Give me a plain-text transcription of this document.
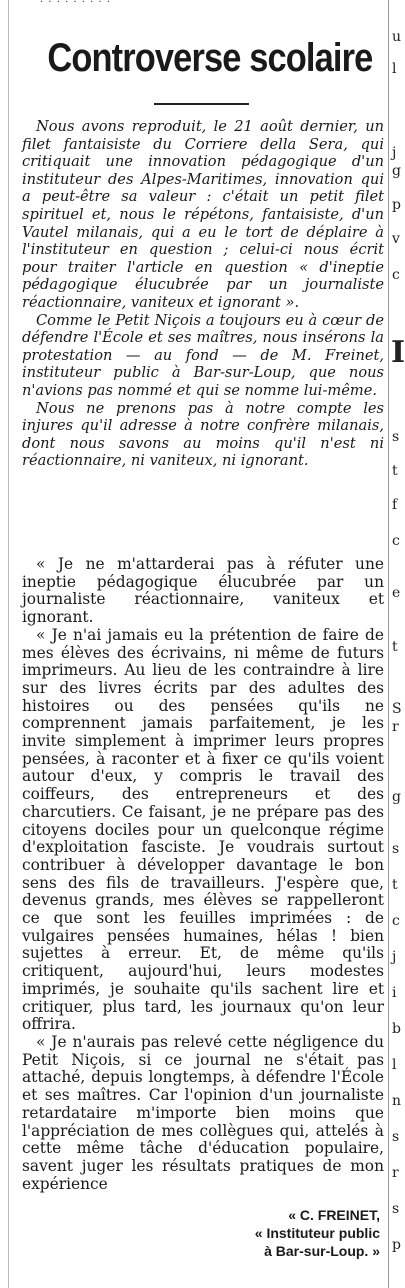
· · · · · · · · ·
Controverse scolaire

Nous avons reproduit, le 21 août dernier, un filet fantaisiste du Corriere della Sera, qui critiquait une innovation pédagogique d'un instituteur des Alpes-Maritimes, innovation qui a peut-être sa valeur : c'était un petit filet spirituel et, nous le répétons, fantaisiste, d'un Vautel milanais, qui a eu le tort de déplaire à l'instituteur en question ; celui-ci nous écrit pour traiter l'article en question « d'ineptie pédagogique élucubrée par un journaliste réactionnaire, vaniteux et ignorant ».

Comme le Petit Niçois a toujours eu à cœur de défendre l'École et ses maîtres, nous insérons la protestation — au fond — de M. Freinet, instituteur public à Bar-sur-Loup, que nous n'avions pas nommé et qui se nomme lui-même.

Nous ne prenons pas à notre compte les injures qu'il adresse à notre confrère milanais, dont nous savons au moins qu'il n'est ni réactionnaire, ni vaniteux, ni ignorant.

« Je ne m'attarderai pas à réfuter une ineptie pédagogique élucubrée par un journaliste réactionnaire, vaniteux et ignorant.

« Je n'ai jamais eu la prétention de faire de mes élèves des écrivains, ni même de futurs imprimeurs. Au lieu de les contraindre à lire sur des livres écrits par des adultes des histoires ou des pensées qu'ils ne comprennent jamais parfaitement, je les invite simplement à imprimer leurs propres pensées, à raconter et à fixer ce qu'ils voient autour d'eux, y compris le travail des coiffeurs, des entrepreneurs et des charcutiers. Ce faisant, je ne prépare pas des citoyens dociles pour un quelconque régime d'exploitation fasciste. Je voudrais surtout contribuer à développer davantage le bon sens des fils de travailleurs. J'espère que, devenus grands, mes élèves se rappelleront ce que sont les feuilles imprimées : de vulgaires pensées humaines, hélas ! bien sujettes à erreur. Et, de même qu'ils critiquent, aujourd'hui, leurs modestes imprimés, je souhaite qu'ils sachent lire et critiquer, plus tard, les journaux qu'on leur offrira.

« Je n'aurais pas relevé cette négligence du Petit Niçois, si ce journal ne s'était pas attaché, depuis longtemps, à défendre l'École et ses maîtres. Car l'opinion d'un journaliste retardataire m'importe bien moins que l'appréciation de mes collègues qui, attelés à cette même tâche d'éducation populaire, savent juger les résultats pratiques de mon expérience

« C. FREINET,
« Instituteur public
à Bar-sur-Loup. »
u
l
j
g
p
v
c
I
s
t
f
c
e
t
S
r
g
s
t
c
j
i
b
l
n
s
r
s
p
